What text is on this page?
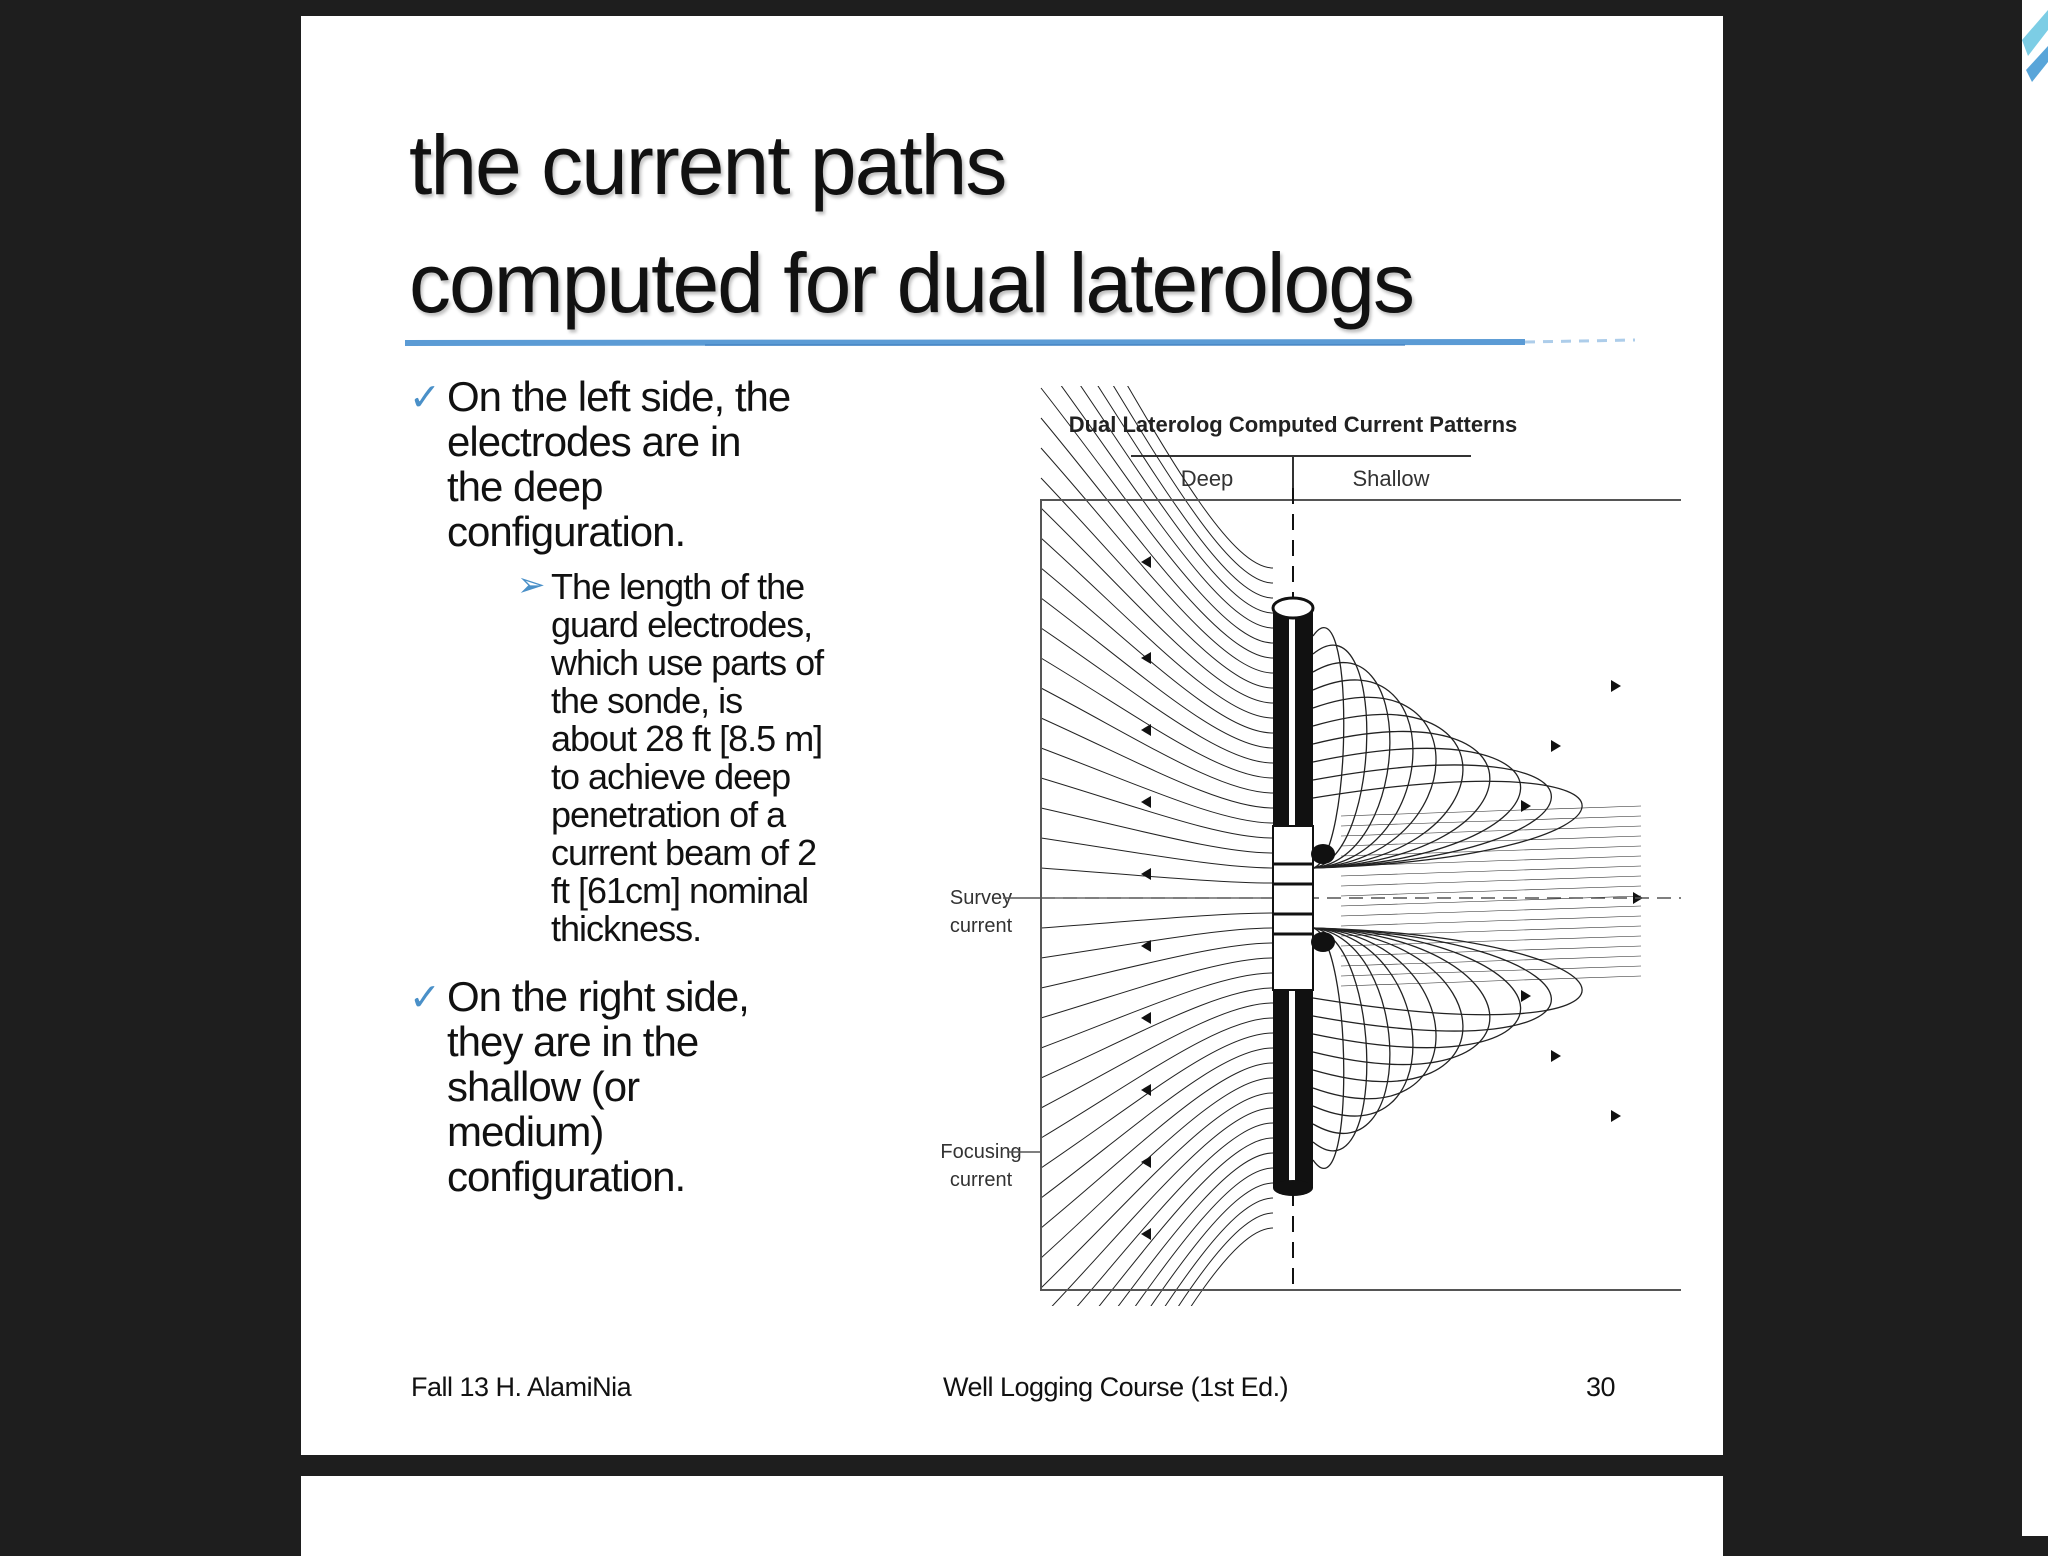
the current paths
computed for dual laterologs
✓ On the left side, the
electrodes are in
the deep
configuration.
➢ The length of the
guard electrodes,
which use parts of
the sonde, is
about 28 ft [8.5 m]
to achieve deep
penetration of a
current beam of 2
ft [61cm] nominal
thickness.
✓ On the right side,
they are in the
shallow (or
medium)
configuration.
Dual Laterolog Computed Current Patterns
Deep	Shallow
Survey
current
Focusing
current
Fall 13 H. AlamiNia	Well Logging Course (1st Ed.)	30
